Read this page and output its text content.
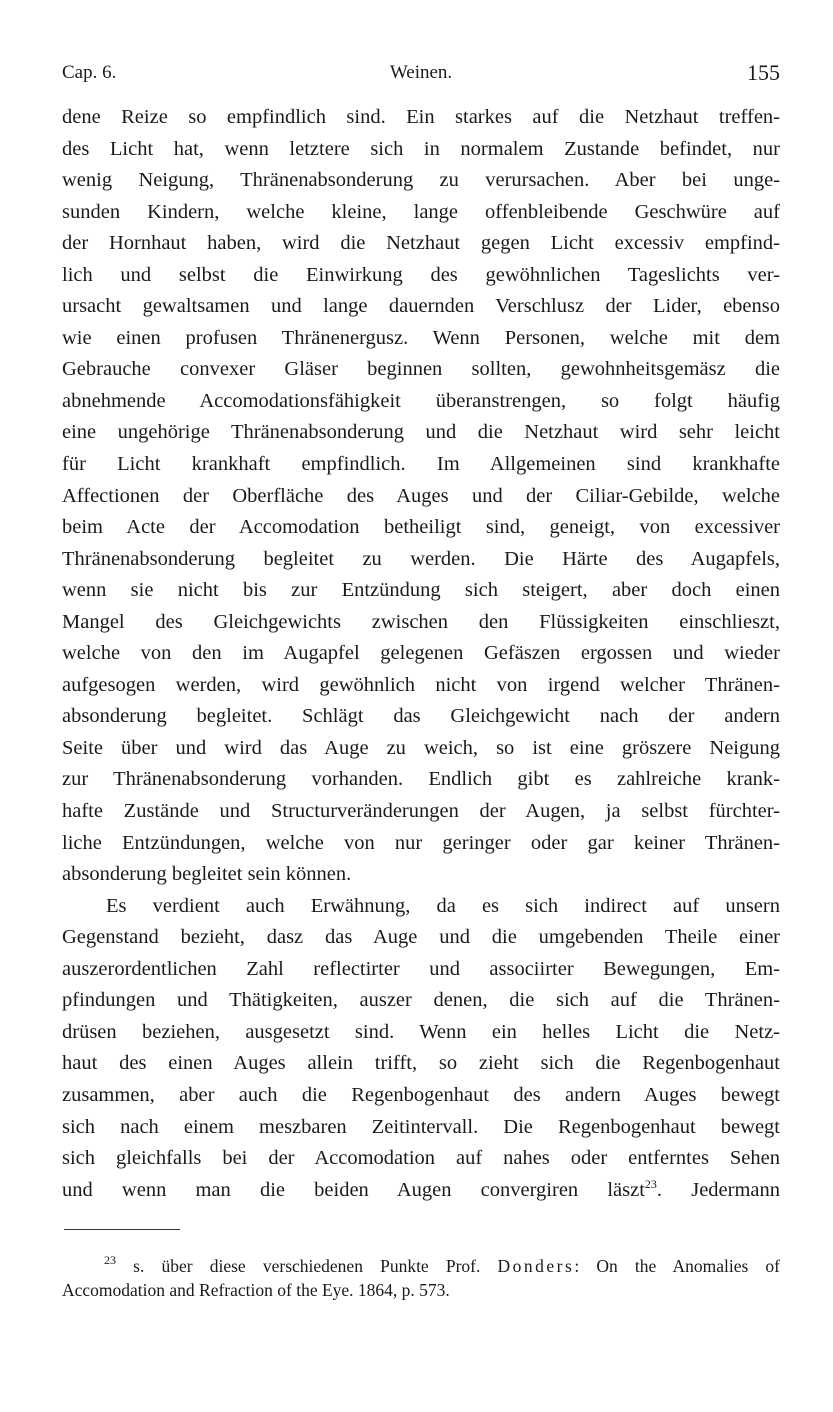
Cap. 6.	Weinen.	155
dene Reize so empfindlich sind. Ein starkes auf die Netzhaut treffen-
des Licht hat, wenn letztere sich in normalem Zustande befindet, nur
wenig Neigung, Thränenabsonderung zu verursachen. Aber bei unge-
sunden Kindern, welche kleine, lange offenbleibende Geschwüre auf
der Hornhaut haben, wird die Netzhaut gegen Licht excessiv empfind-
lich und selbst die Einwirkung des gewöhnlichen Tageslichts ver-
ursacht gewaltsamen und lange dauernden Verschlusz der Lider, ebenso
wie einen profusen Thränenergusz. Wenn Personen, welche mit dem
Gebrauche convexer Gläser beginnen sollten, gewohnheitsgemäsz die
abnehmende Accomodationsfähigkeit überanstrengen, so folgt häufig
eine ungehörige Thränenabsonderung und die Netzhaut wird sehr leicht
für Licht krankhaft empfindlich. Im Allgemeinen sind krankhafte
Affectionen der Oberfläche des Auges und der Ciliar-Gebilde, welche
beim Acte der Accomodation betheiligt sind, geneigt, von excessiver
Thränenabsonderung begleitet zu werden. Die Härte des Augapfels,
wenn sie nicht bis zur Entzündung sich steigert, aber doch einen
Mangel des Gleichgewichts zwischen den Flüssigkeiten einschlieszt,
welche von den im Augapfel gelegenen Gefäszen ergossen und wieder
aufgesogen werden, wird gewöhnlich nicht von irgend welcher Thränen-
absonderung begleitet. Schlägt das Gleichgewicht nach der andern
Seite über und wird das Auge zu weich, so ist eine gröszere Neigung
zur Thränenabsonderung vorhanden. Endlich gibt es zahlreiche krank-
hafte Zustände und Structurveränderungen der Augen, ja selbst fürchter-
liche Entzündungen, welche von nur geringer oder gar keiner Thränen-
absonderung begleitet sein können.
Es verdient auch Erwähnung, da es sich indirect auf unsern
Gegenstand bezieht, dasz das Auge und die umgebenden Theile einer
auszerordentlichen Zahl reflectirter und associirter Bewegungen, Em-
pfindungen und Thätigkeiten, auszer denen, die sich auf die Thränen-
drüsen beziehen, ausgesetzt sind. Wenn ein helles Licht die Netz-
haut des einen Auges allein trifft, so zieht sich die Regenbogenhaut
zusammen, aber auch die Regenbogenhaut des andern Auges bewegt
sich nach einem meszbaren Zeitintervall. Die Regenbogenhaut bewegt
sich gleichfalls bei der Accomodation auf nahes oder entferntes Sehen
und wenn man die beiden Augen convergiren läszt$^{23}$. Jedermann
$^{23}$ s. über diese verschiedenen Punkte Prof. Donders: On the Anomalies of
Accomodation and Refraction of the Eye. 1864, p. 573.
